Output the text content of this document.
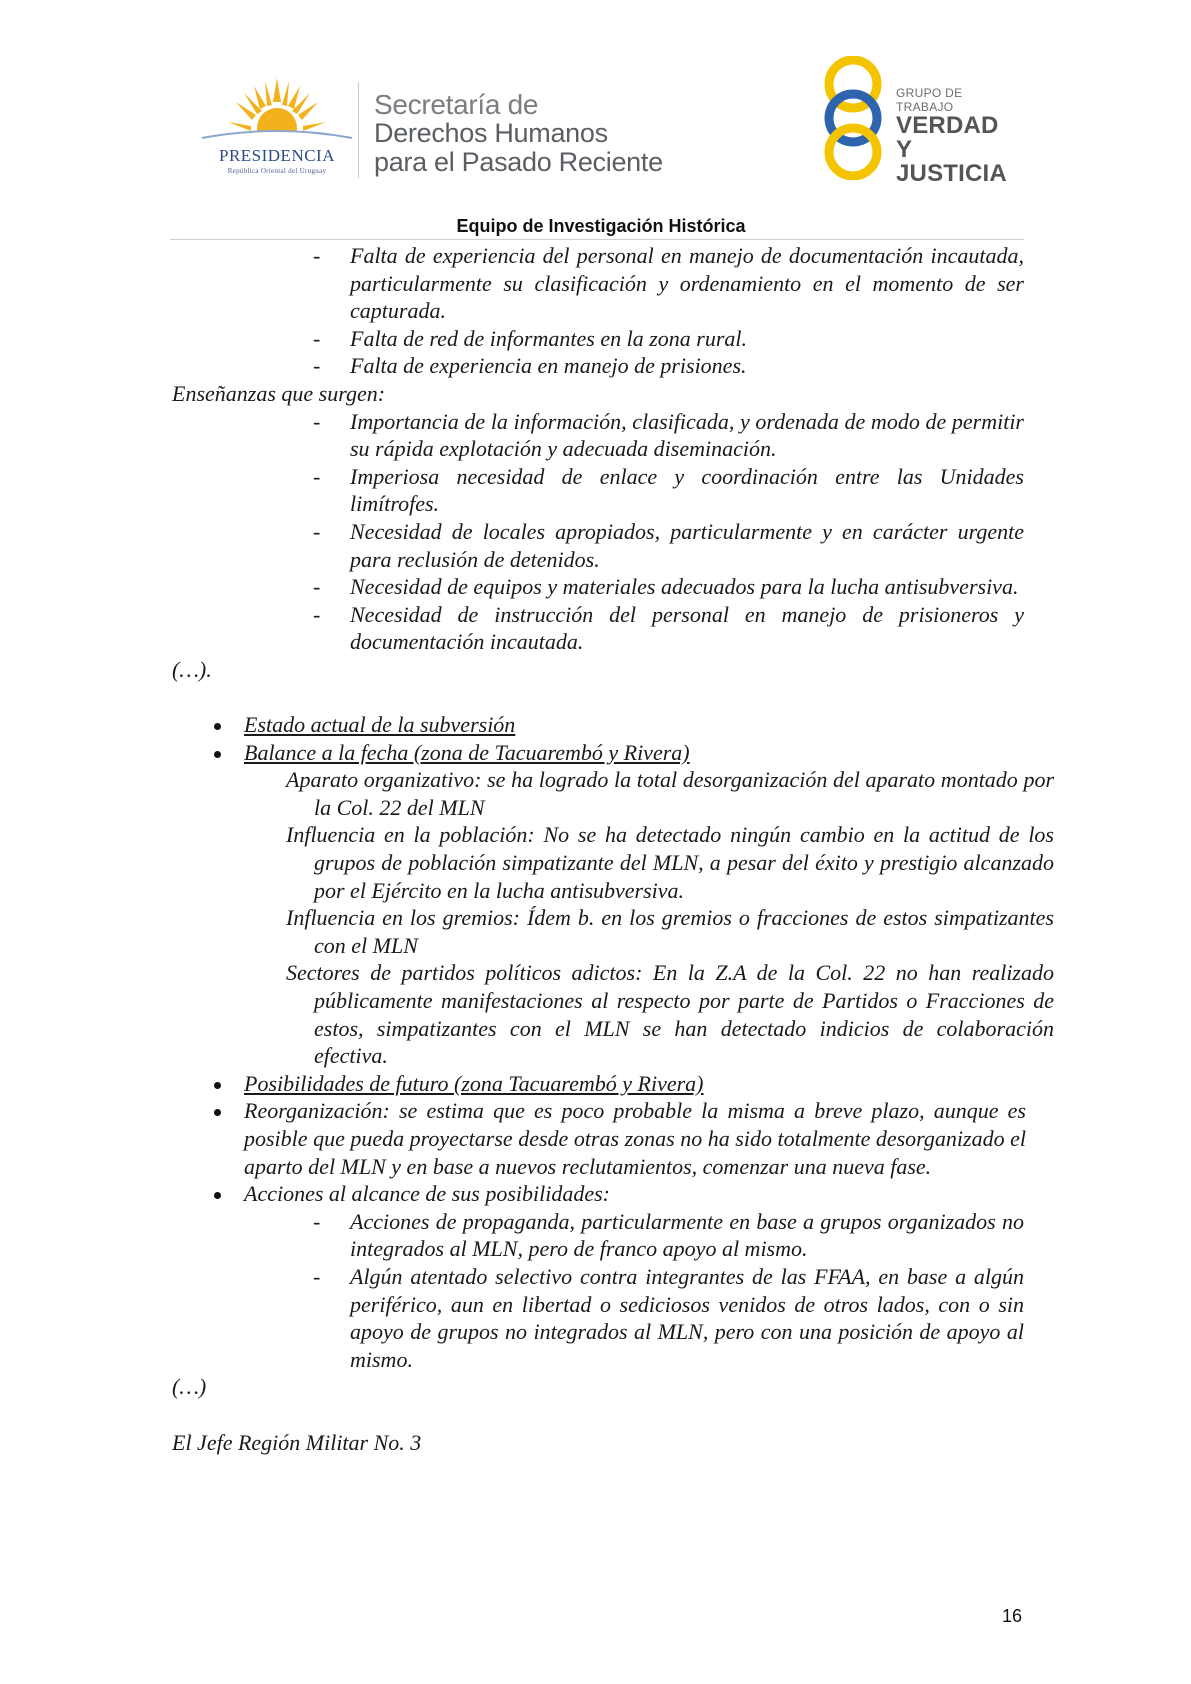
PRESIDENCIA
República Oriental del Uruguay
Secretaría de
Derechos Humanos
para el Pasado Reciente
GRUPO DE TRABAJO
VERDAD Y
JUSTICIA
Equipo de Investigación Histórica
- Falta de experiencia del personal en manejo de documentación incautada, particularmente su clasificación y ordenamiento en el momento de ser capturada.
- Falta de red de informantes en la zona rural.
- Falta de experiencia en manejo de prisiones.
Enseñanzas que surgen:
- Importancia de la información, clasificada, y ordenada de modo de permitir su rápida explotación y adecuada diseminación.
- Imperiosa necesidad de enlace y coordinación entre las Unidades limítrofes.
- Necesidad de locales apropiados, particularmente y en carácter urgente para reclusión de detenidos.
- Necesidad de equipos y materiales adecuados para la lucha antisubversiva.
- Necesidad de instrucción del personal en manejo de prisioneros y documentación incautada.
(…).
Estado actual de la subversión
Balance a la fecha (zona de Tacuarembó y Rivera)
Aparato organizativo: se ha logrado la total desorganización del aparato montado por la Col. 22 del MLN
Influencia en la población: No se ha detectado ningún cambio en la actitud de los grupos de población simpatizante del MLN, a pesar del éxito y prestigio alcanzado por el Ejército en la lucha antisubversiva.
Influencia en los gremios: Ídem b. en los gremios o fracciones de estos simpatizantes con el MLN
Sectores de partidos políticos adictos: En la Z.A de la Col. 22 no han realizado públicamente manifestaciones al respecto por parte de Partidos o Fracciones de estos, simpatizantes con el MLN se han detectado indicios de colaboración efectiva.
Posibilidades de futuro (zona Tacuarembó y Rivera)
Reorganización: se estima que es poco probable la misma a breve plazo, aunque es posible que pueda proyectarse desde otras zonas no ha sido totalmente desorganizado el aparto del MLN y en base a nuevos reclutamientos, comenzar una nueva fase.
Acciones al alcance de sus posibilidades:
- Acciones de propaganda, particularmente en base a grupos organizados no integrados al MLN, pero de franco apoyo al mismo.
- Algún atentado selectivo contra integrantes de las FFAA, en base a algún periférico, aun en libertad o sediciosos venidos de otros lados, con o sin apoyo de grupos no integrados al MLN, pero con una posición de apoyo al mismo.
(…)
El Jefe Región Militar No. 3
16
